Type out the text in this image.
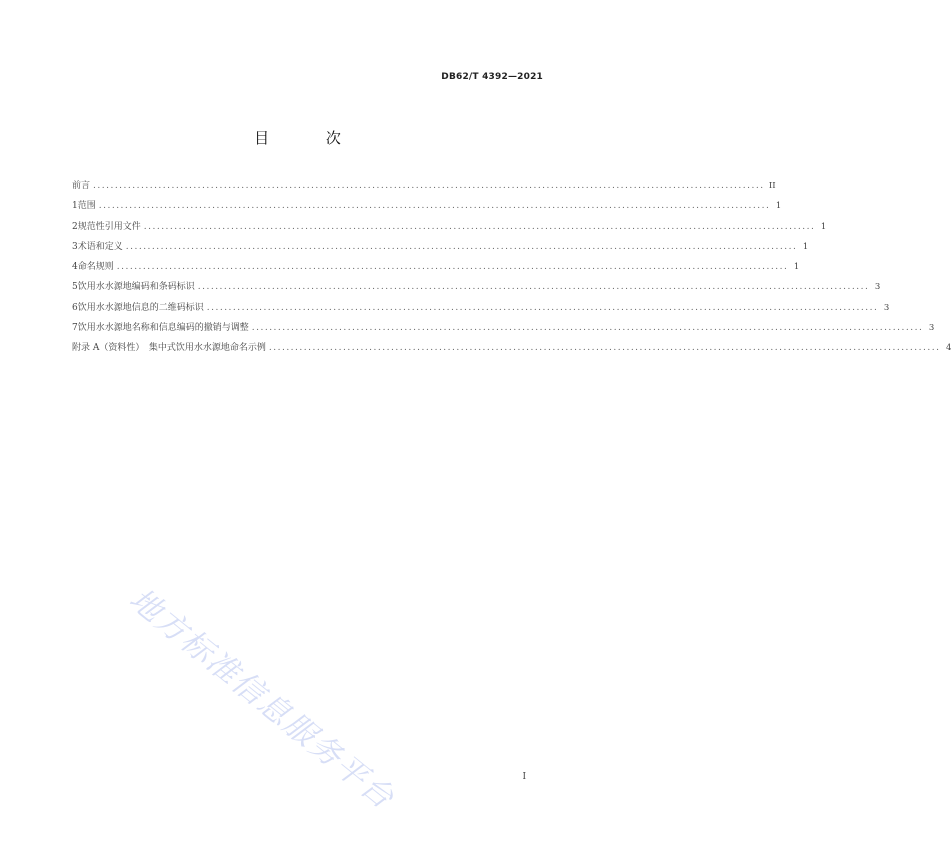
DB62/T 4392—2021
目 次
前言 .......................................................................................................................................................... II
1 范围 .......................................................................................................................................................... 1
2 规范性引用文件 .......................................................................................................................................................... 1
3 术语和定义 .......................................................................................................................................................... 1
4 命名规则 .......................................................................................................................................................... 1
5 饮用水水源地编码和条码标识 .......................................................................................................................................................... 3
6 饮用水水源地信息的二维码标识 .......................................................................................................................................................... 3
7 饮用水水源地名称和信息编码的撤销与调整 .......................................................................................................................................................... 3
附录 A（资料性）　集中式饮用水水源地命名示例 .......................................................................................................................................................... 4
地方标准信息服务平台	I
